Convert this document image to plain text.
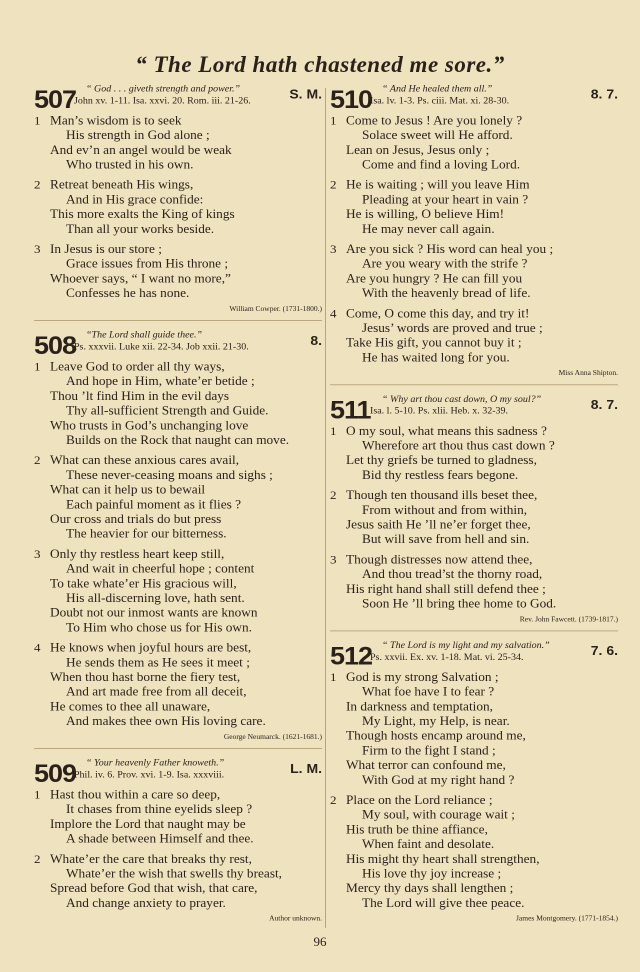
“ The Lord hath chastened me sore.”
507 “ God . . . giveth strength and power.”
John xv. 1-11. Isa. xxvi. 20. Rom. iii. 21-26.	S. M.
1 Man’s wisdom is to seek
His strength in God alone ;
And ev’n an angel would be weak
Who trusted in his own.
2 Retreat beneath His wings,
And in His grace confide:
This more exalts the King of kings
Than all your works beside.
3 In Jesus is our store ;
Grace issues from His throne ;
Whoever says, “ I want no more,”
Confesses he has none.
William Cowper. (1731-1800.)
508 “The Lord shall guide thee.”
Ps. xxxvii. Luke xii. 22-34. Job xxii. 21-30.	8.
1 Leave God to order all thy ways,
And hope in Him, whate’er betide ;
Thou ’lt find Him in the evil days
Thy all-sufficient Strength and Guide.
Who trusts in God’s unchanging love
Builds on the Rock that naught can move.
2 What can these anxious cares avail,
These never-ceasing moans and sighs ;
What can it help us to bewail
Each painful moment as it flies ?
Our cross and trials do but press
The heavier for our bitterness.
3 Only thy restless heart keep still,
And wait in cheerful hope ; content
To take whate’er His gracious will,
His all-discerning love, hath sent.
Doubt not our inmost wants are known
To Him who chose us for His own.
4 He knows when joyful hours are best,
He sends them as He sees it meet ;
When thou hast borne the fiery test,
And art made free from all deceit,
He comes to thee all unaware,
And makes thee own His loving care.
George Neumarck. (1621-1681.)
509 “ Your heavenly Father knoweth.”
Phil. iv. 6. Prov. xvi. 1-9. Isa. xxxviii.	L. M.
1 Hast thou within a care so deep,
It chases from thine eyelids sleep ?
Implore the Lord that naught may be
A shade between Himself and thee.
2 Whate’er the care that breaks thy rest,
Whate’er the wish that swells thy breast,
Spread before God that wish, that care,
And change anxiety to prayer.
Author unknown.
510 “ And He healed them all.”
Isa. lv. 1-3. Ps. ciii. Mat. xi. 28-30.	8. 7.
1 Come to Jesus ! Are you lonely ?
Solace sweet will He afford.
Lean on Jesus, Jesus only ;
Come and find a loving Lord.
2 He is waiting ; will you leave Him
Pleading at your heart in vain ?
He is willing, O believe Him!
He may never call again.
3 Are you sick ? His word can heal you ;
Are you weary with the strife ?
Are you hungry ? He can fill you
With the heavenly bread of life.
4 Come, O come this day, and try it!
Jesus’ words are proved and true ;
Take His gift, you cannot buy it ;
He has waited long for you.
Miss Anna Shipton.
511 “ Why art thou cast down, O my soul?”
Isa. l. 5-10. Ps. xlii. Heb. x. 32-39.	8. 7.
1 O my soul, what means this sadness ?
Wherefore art thou thus cast down ?
Let thy griefs be turned to gladness,
Bid thy restless fears begone.
2 Though ten thousand ills beset thee,
From without and from within,
Jesus saith He ’ll ne’er forget thee,
But will save from hell and sin.
3 Though distresses now attend thee,
And thou tread’st the thorny road,
His right hand shall still defend thee ;
Soon He ’ll bring thee home to God.
Rev. John Fawcett. (1739-1817.)
512 “ The Lord is my light and my salvation.”
Ps. xxvii. Ex. xv. 1-18. Mat. vi. 25-34.	7. 6.
1 God is my strong Salvation ;
What foe have I to fear ?
In darkness and temptation,
My Light, my Help, is near.
Though hosts encamp around me,
Firm to the fight I stand ;
What terror can confound me,
With God at my right hand ?
2 Place on the Lord reliance ;
My soul, with courage wait ;
His truth be thine affiance,
When faint and desolate.
His might thy heart shall strengthen,
His love thy joy increase ;
Mercy thy days shall lengthen ;
The Lord will give thee peace.
James Montgomery. (1771-1854.)
96
